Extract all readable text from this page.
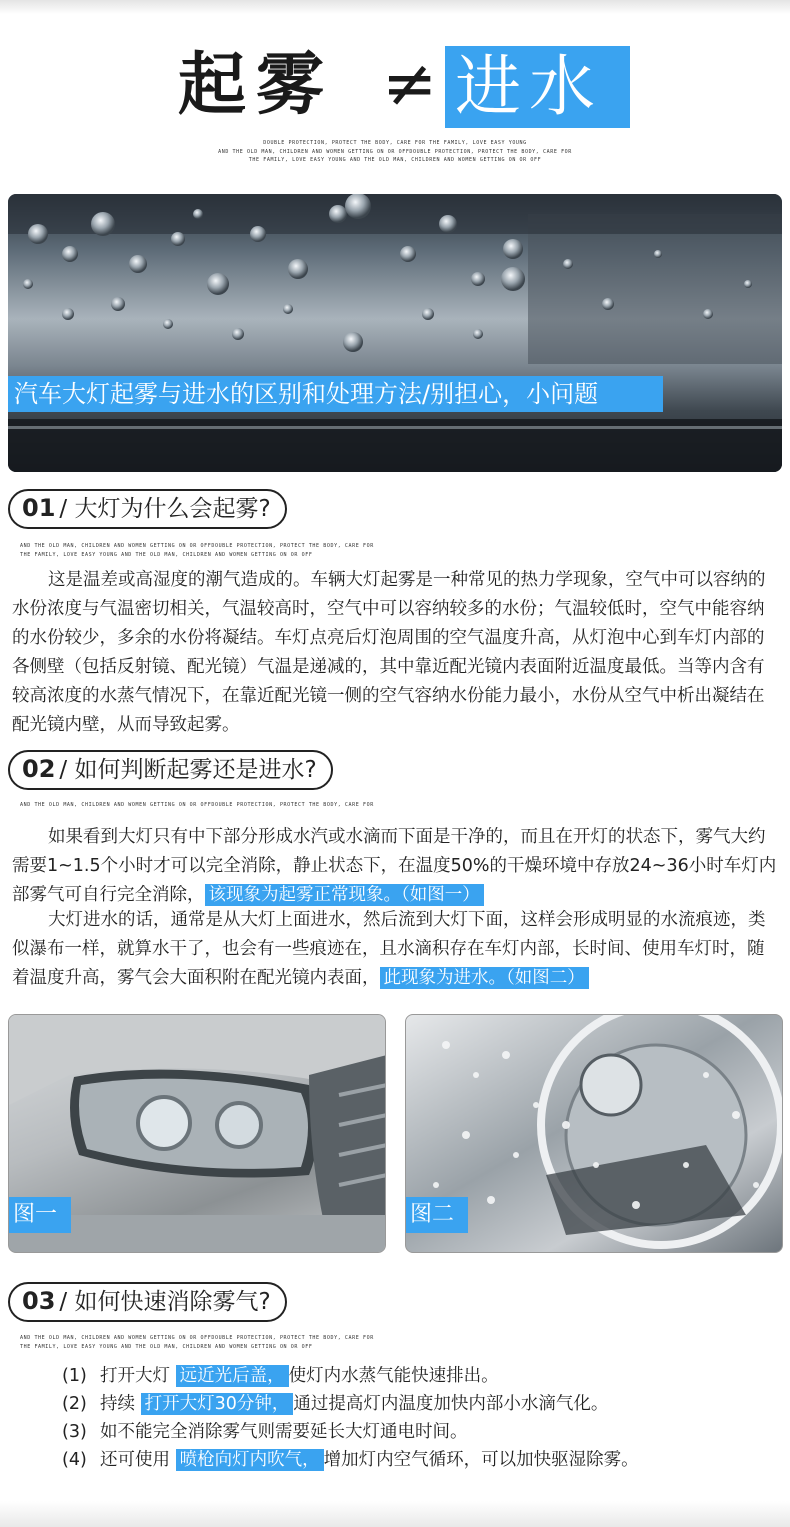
起雾 ≠ 进水
DOUBLE PROTECTION, PROTECT THE BODY, CARE FOR THE FAMILY, LOVE EASY YOUNG
AND THE OLD MAN, CHILDREN AND WOMEN GETTING ON OR OFFDOUBLE PROTECTION, PROTECT THE BODY, CARE FOR
THE FAMILY, LOVE EASY YOUNG AND THE OLD MAN, CHILDREN AND WOMEN GETTING ON OR OFF
汽车大灯起雾与进水的区别和处理方法/别担心，小问题
01 / 大灯为什么会起雾?
AND THE OLD MAN, CHILDREN AND WOMEN GETTING ON OR OFFDOUBLE PROTECTION, PROTECT THE BODY, CARE FOR
THE FAMILY, LOVE EASY YOUNG AND THE OLD MAN, CHILDREN AND WOMEN GETTING ON OR OFF
这是温差或高湿度的潮气造成的。车辆大灯起雾是一种常见的热力学现象，空气中可以容纳的水份浓度与气温密切相关，气温较高时，空气中可以容纳较多的水份；气温较低时，空气中能容纳的水份较少，多余的水份将凝结。车灯点亮后灯泡周围的空气温度升高，从灯泡中心到车灯内部的各侧壁（包括反射镜、配光镜）气温是递减的，其中靠近配光镜内表面附近温度最低。当等内含有较高浓度的水蒸气情况下，在靠近配光镜一侧的空气容纳水份能力最小，水份从空气中析出凝结在配光镜内壁，从而导致起雾。
02 / 如何判断起雾还是进水?
AND THE OLD MAN, CHILDREN AND WOMEN GETTING ON OR OFFDOUBLE PROTECTION, PROTECT THE BODY, CARE FOR
如果看到大灯只有中下部分形成水汽或水滴而下面是干净的，而且在开灯的状态下，雾气大约需要1~1.5个小时才可以完全消除，静止状态下，在温度50%的干燥环境中存放24~36小时车灯内部雾气可自行完全消除， 该现象为起雾正常现象。（如图一）
大灯进水的话，通常是从大灯上面进水，然后流到大灯下面，这样会形成明显的水流痕迹，类似瀑布一样，就算水干了，也会有一些痕迹在，且水滴积存在车灯内部，长时间、使用车灯时，随着温度升高，雾气会大面积附在配光镜内表面， 此现象为进水。（如图二）
图一	图二
03 / 如何快速消除雾气?
AND THE OLD MAN, CHILDREN AND WOMEN GETTING ON OR OFFDOUBLE PROTECTION, PROTECT THE BODY, CARE FOR
THE FAMILY, LOVE EASY YOUNG AND THE OLD MAN, CHILDREN AND WOMEN GETTING ON OR OFF
(1) 打开大灯 远近光后盖， 使灯内水蒸气能快速排出。
(2) 持续 打开大灯30分钟， 通过提高灯内温度加快内部小水滴气化。
(3) 如不能完全消除雾气则需要延长大灯通电时间。
(4) 还可使用 喷枪向灯内吹气， 增加灯内空气循环，可以加快驱湿除雾。
